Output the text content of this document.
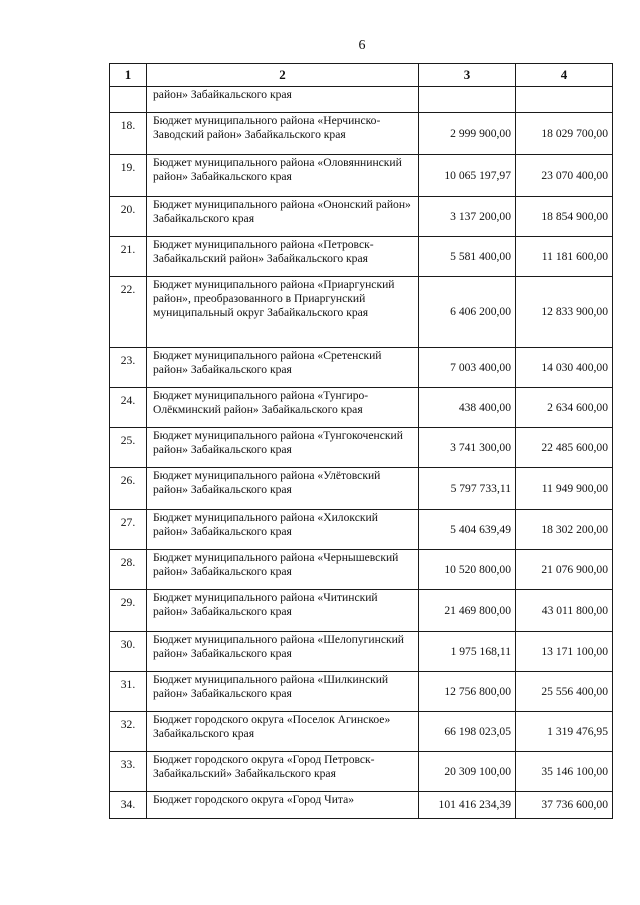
6
1	2	3	4
	район» Забайкальского края		
18.	Бюджет муниципального района «Нерчинско-Заводский район» Забайкальского края	2 999 900,00	18 029 700,00
19.	Бюджет муниципального района «Оловяннинский район» Забайкальского края	10 065 197,97	23 070 400,00
20.	Бюджет муниципального района «Ононский район» Забайкальского края	3 137 200,00	18 854 900,00
21.	Бюджет муниципального района «Петровск-Забайкальский район» Забайкальского края	5 581 400,00	11 181 600,00
22.	Бюджет муниципального района «Приаргунский район», преобразованного в Приаргунский муниципальный округ Забайкальского края	6 406 200,00	12 833 900,00
23.	Бюджет муниципального района «Сретенский район» Забайкальского края	7 003 400,00	14 030 400,00
24.	Бюджет муниципального района «Тунгиро-Олёкминский район» Забайкальского края	438 400,00	2 634 600,00
25.	Бюджет муниципального района «Тунгокоченский район» Забайкальского края	3 741 300,00	22 485 600,00
26.	Бюджет муниципального района «Улётовский район» Забайкальского края	5 797 733,11	11 949 900,00
27.	Бюджет муниципального района «Хилокский район» Забайкальского края	5 404 639,49	18 302 200,00
28.	Бюджет муниципального района «Чернышевский район» Забайкальского края	10 520 800,00	21 076 900,00
29.	Бюджет муниципального района «Читинский район» Забайкальского края	21 469 800,00	43 011 800,00
30.	Бюджет муниципального района «Шелопугинский район» Забайкальского края	1 975 168,11	13 171 100,00
31.	Бюджет муниципального района «Шилкинский район» Забайкальского края	12 756 800,00	25 556 400,00
32.	Бюджет городского округа «Поселок Агинское» Забайкальского края	66 198 023,05	1 319 476,95
33.	Бюджет городского округа «Город Петровск-Забайкальский» Забайкальского края	20 309 100,00	35 146 100,00
34.	Бюджет городского округа «Город Чита»	101 416 234,39	37 736 600,00
